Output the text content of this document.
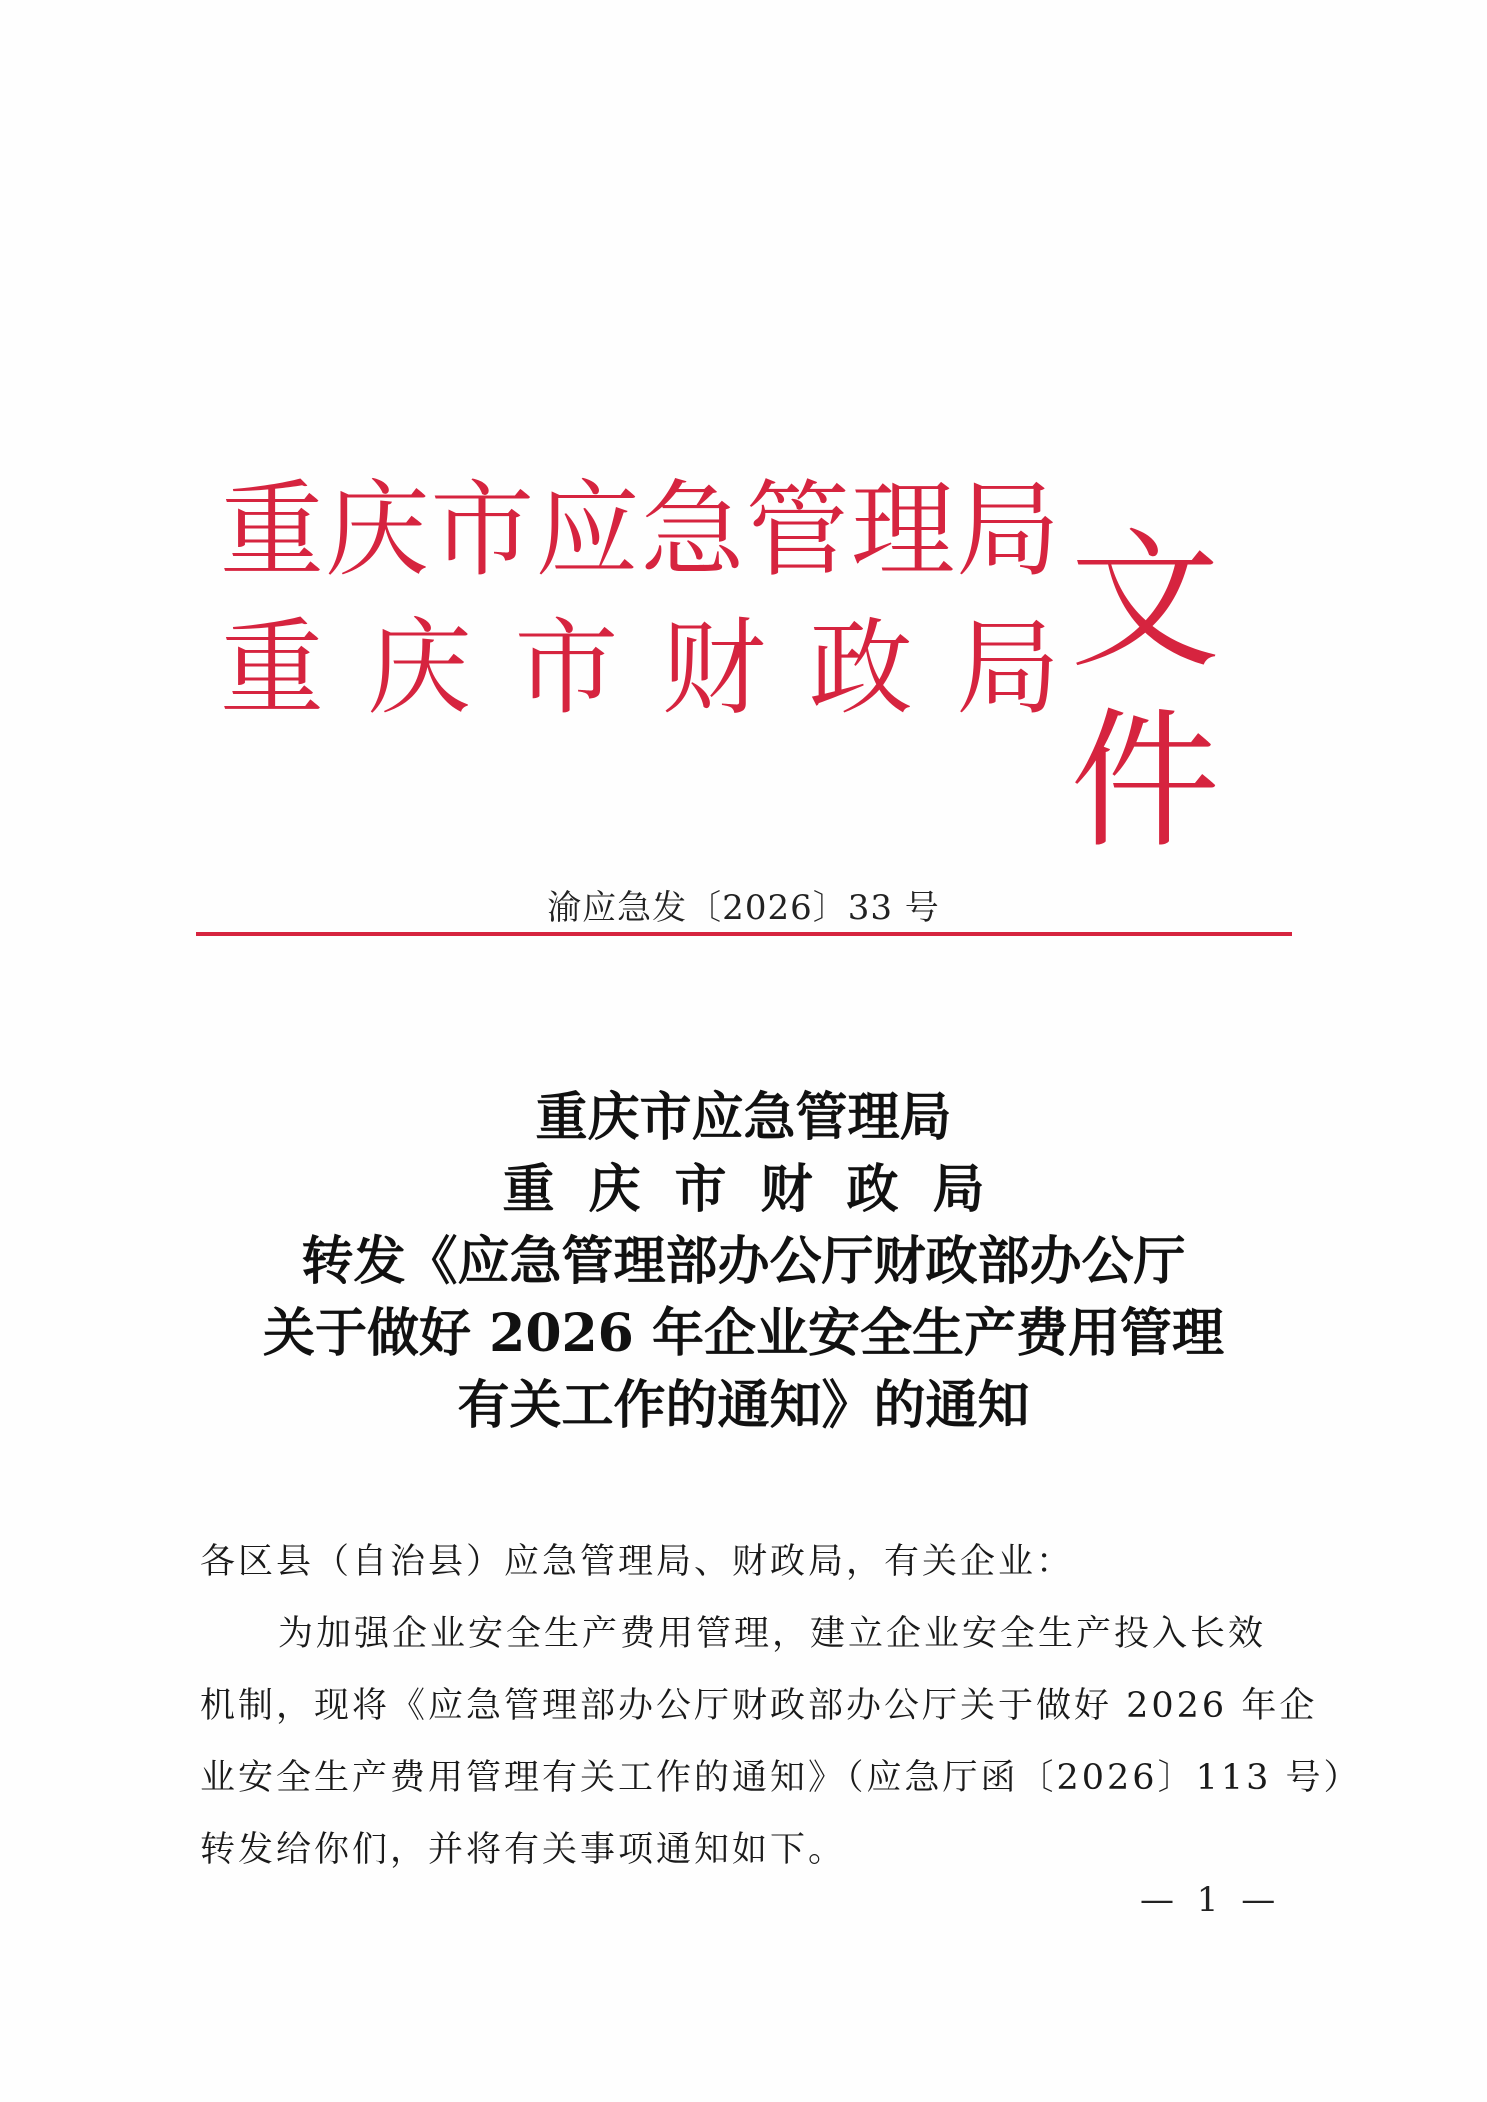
重 庆 市 应 急 管 理 局
重 庆 市 财 政 局 文件
渝应急发〔2026〕33 号
重庆市应急管理局
重庆市财政局
转发《应急管理部办公厅财政部办公厅
关于做好 2026 年企业安全生产费用管理
有关工作的通知》的通知
各区县（自治县）应急管理局、财政局，有关企业：
为加强企业安全生产费用管理，建立企业安全生产投入长效
机制，现将《应急管理部办公厅财政部办公厅关于做好 2026 年企
业安全生产费用管理有关工作的通知》（应急厅函〔2026〕113 号）
转发给你们，并将有关事项通知如下。
— 1 —
